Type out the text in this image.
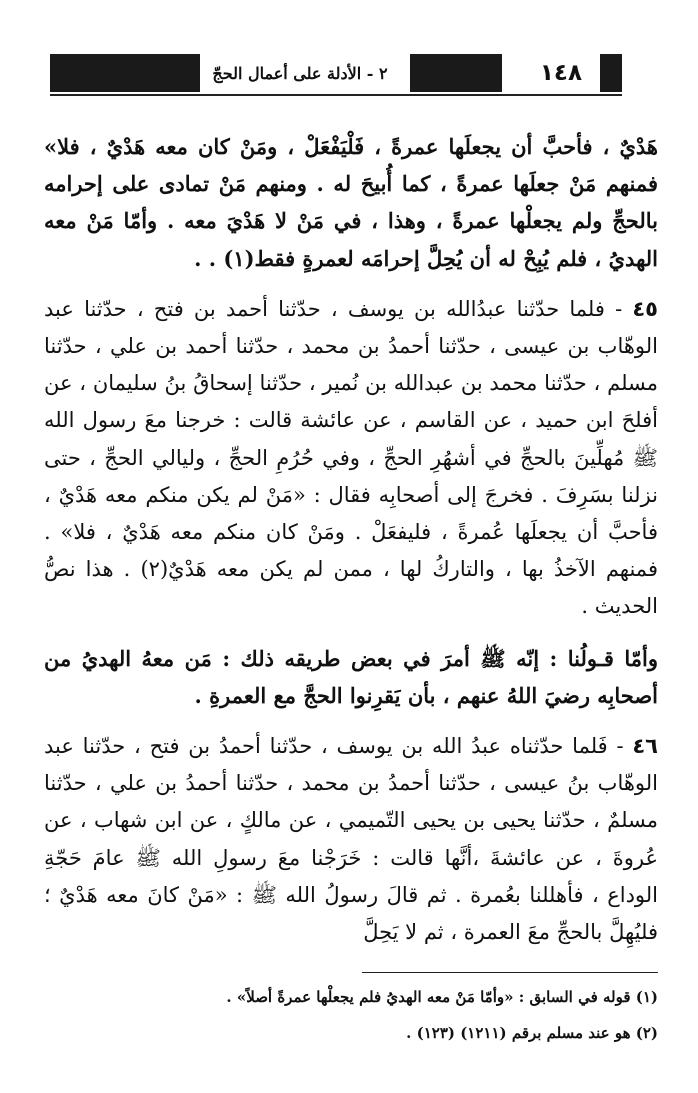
١٤٨
٢ - الأدلة على أعمال الحجّ

هَدْيٌ ، فأحبَّ أن يجعلَها عمرةً ، فَلْيَفْعَلْ ، ومَنْ كان معه هَدْيٌ ، فلا» فمنهم مَنْ جعلَها عمرةً ، كما أُبيحَ له . ومنهم مَنْ تمادى على إحرامه بالحجِّ ولم يجعلْها عمرةً ، وهذا ، في مَنْ لا هَدْيَ معه . وأمّا مَنْ معه الهديُ ، فلم يُبِحْ له أن يُحِلَّ إحرامَه لعمرةٍ فقط(١) . .

٤٥ - فلما حدّثنا عبدُالله بن يوسف ، حدّثنا أحمد بن فتح ، حدّثنا عبد الوهّاب بن عيسى ، حدّثنا أحمدُ بن محمد ، حدّثنا أحمد بن علي ، حدّثنا مسلم ، حدّثنا محمد بن عبدالله بن نُمير ، حدّثنا إسحاقُ بنُ سليمان ، عن أفلحَ ابن حميد ، عن القاسم ، عن عائشة قالت : خرجنا معَ رسول الله ﷺ مُهلِّينَ بالحجِّ في أشهُرِ الحجِّ ، وفي حُرُمِ الحجِّ ، وليالي الحجِّ ، حتى نزلنا بسَرِفَ . فخرجَ إلى أصحابِه فقال : «مَنْ لم يكن منكم معه هَدْيٌ ، فأحبَّ أن يجعلَها عُمرةً ، فليفعَلْ . ومَنْ كان منكم معه هَدْيٌ ، فلا» . فمنهم الآخذُ بها ، والتاركُ لها ، ممن لم يكن معه هَدْيٌ(٢) . هذا نصُّ الحديث .

وأمّا قـولُنا : إنّه ﷺ أمرَ في بعض طريقه ذلك : مَن معهُ الهديُ من أصحابِه رضيَ اللهُ عنهم ، بأن يَقرِنوا الحجَّ مع العمرةِ .

٤٦ - فَلما حدّثناه عبدُ الله بن يوسف ، حدّثنا أحمدُ بن فتح ، حدّثنا عبد الوهّاب بنُ عيسى ، حدّثنا أحمدُ بن محمد ، حدّثنا أحمدُ بن علي ، حدّثنا مسلمٌ ، حدّثنا يحيى بن يحيى التّميمي ، عن مالكٍ ، عن ابن شهاب ، عن عُروةَ ، عن عائشةَ ،أنَّها قالت : خَرَجْنا معَ رسولِ الله ﷺ عامَ حَجّةِ الوداع ، فأهللنا بعُمرة . ثم قالَ رسولُ الله ﷺ : «مَنْ كانَ معه هَدْيٌ ؛ فليُهِلَّ بالحجِّ معَ العمرة ، ثم لا يَحِلَّ

(١) قوله في السابق : «وأمّا مَنْ معه الهديُ فلم يجعلْها عمرةً أصلاً» .

(٢) هو عند مسلم برقم (١٢١١) (١٢٣) .
